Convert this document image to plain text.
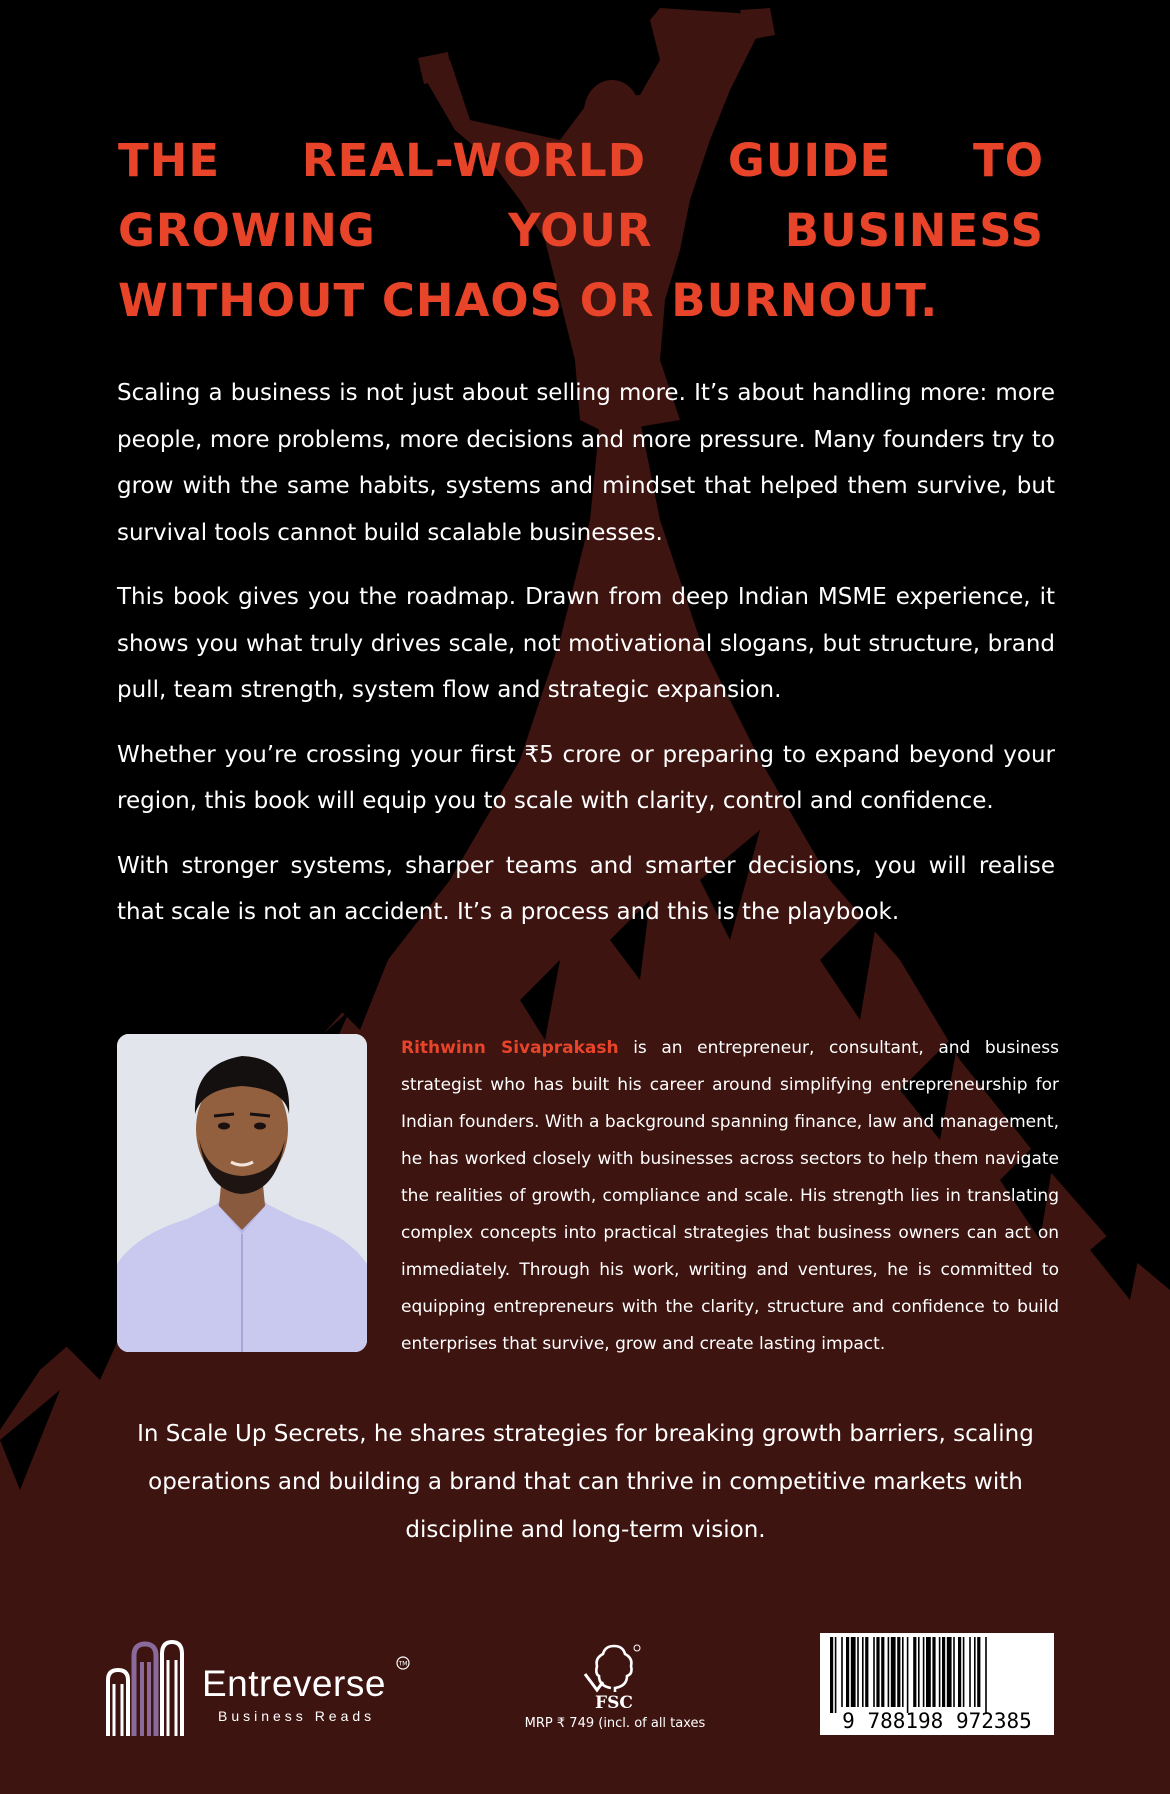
THE REAL-WORLD GUIDE TO GROWING YOUR BUSINESS WITHOUT CHAOS OR BURNOUT.

Scaling a business is not just about selling more. It’s about handling more: more people, more problems, more decisions and more pressure. Many founders try to grow with the same habits, systems and mindset that helped them survive, but survival tools cannot build scalable businesses.

This book gives you the roadmap. Drawn from deep Indian MSME experience, it shows you what truly drives scale, not motivational slogans, but structure, brand pull, team strength, system flow and strategic expansion.

Whether you’re crossing your first ₹5 crore or preparing to expand beyond your region, this book will equip you to scale with clarity, control and confidence.

With stronger systems, sharper teams and smarter decisions, you will realise that scale is not an accident. It’s a process and this is the playbook.

Rithwinn Sivaprakash is an entrepreneur, consultant, and business strategist who has built his career around simplifying entrepreneurship for Indian founders. With a background spanning finance, law and management, he has worked closely with businesses across sectors to help them navigate the realities of growth, compliance and scale. His strength lies in translating complex concepts into practical strategies that business owners can act on immediately. Through his work, writing and ventures, he is committed to equipping entrepreneurs with the clarity, structure and confidence to build enterprises that survive, grow and create lasting impact.

In Scale Up Secrets, he shares strategies for breaking growth barriers, scaling operations and building a brand that can thrive in competitive markets with discipline and long-term vision.

Entreverse
Business Reads
TM
FSC
MRP ₹ 749 (incl. of all taxes	9 788198 972385
